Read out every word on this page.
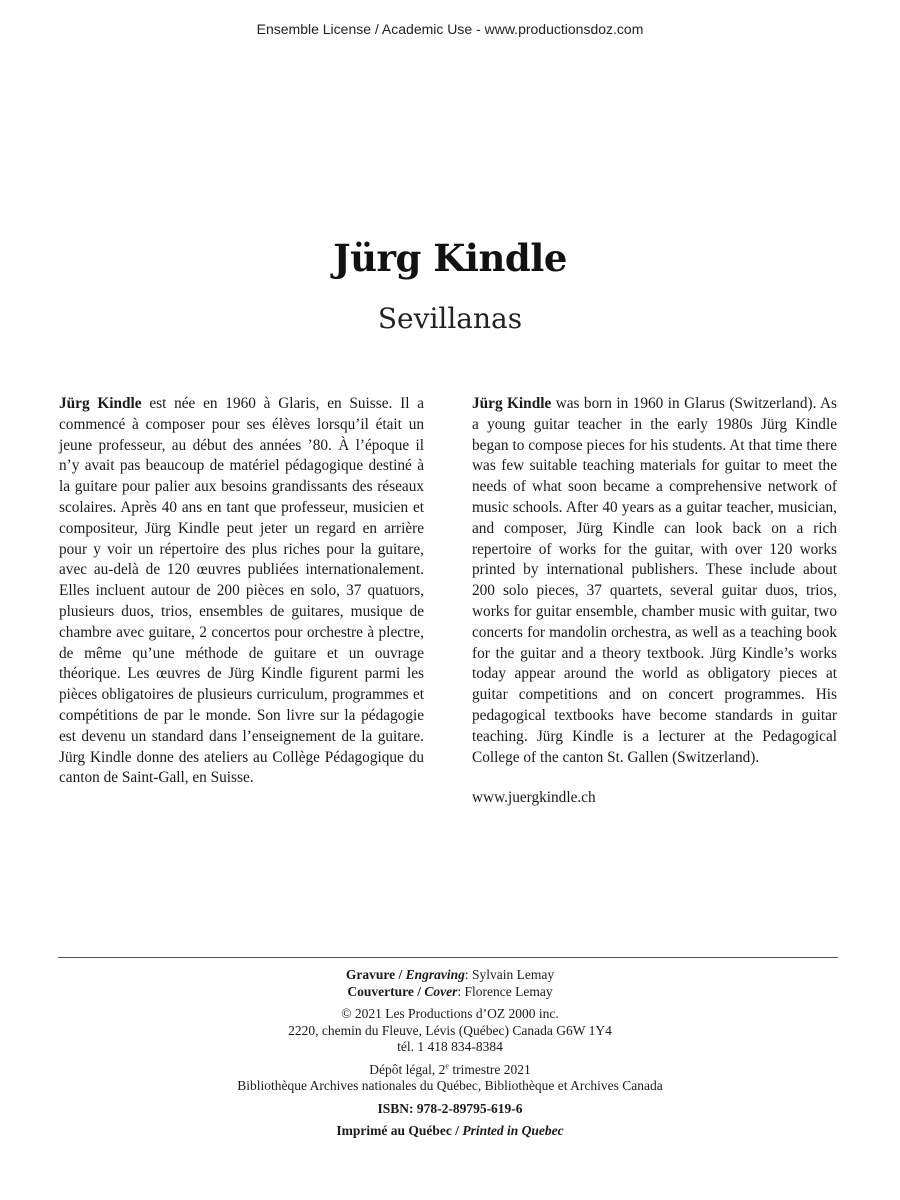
Ensemble License / Academic Use - www.productionsdoz.com
Jürg Kindle
Sevillanas

Jürg Kindle est née en 1960 à Glaris, en Suisse. Il a commencé à composer pour ses élèves lorsqu’il était un jeune professeur, au début des années ’80. À l’époque il n’y avait pas beaucoup de matériel pédagogique destiné à la guitare pour palier aux besoins grandissants des réseaux scolaires. Après 40 ans en tant que professeur, musicien et compositeur, Jürg Kindle peut jeter un regard en arrière pour y voir un répertoire des plus riches pour la guitare, avec au-delà de 120 œuvres publiées internationalement. Elles incluent autour de 200 pièces en solo, 37 quatuors, plusieurs duos, trios, ensembles de guitares, musique de chambre avec guitare, 2 concertos pour orchestre à plectre, de même qu’une méthode de guitare et un ouvrage théorique. Les œuvres de Jürg Kindle figurent parmi les pièces obligatoires de plusieurs curriculum, programmes et compétitions de par le monde. Son livre sur la pédagogie est devenu un standard dans l’enseignement de la guitare. Jürg Kindle donne des ateliers au Collège Pédagogique du canton de Saint-Gall, en Suisse.

Jürg Kindle was born in 1960 in Glarus (Switzerland). As a young guitar teacher in the early 1980s Jürg Kindle began to compose pieces for his students. At that time there was few suitable teaching materials for guitar to meet the needs of what soon became a comprehensive network of music schools. After 40 years as a guitar teacher, musician, and composer, Jürg Kindle can look back on a rich repertoire of works for the guitar, with over 120 works printed by international publishers. These include about 200 solo pieces, 37 quartets, several guitar duos, trios, works for guitar ensemble, chamber music with guitar, two concerts for mandolin orchestra, as well as a teaching book for the guitar and a theory textbook. Jürg Kindle’s works today appear around the world as obligatory pieces at guitar competitions and on concert programmes. His pedagogical textbooks have become standards in guitar teaching. Jürg Kindle is a lecturer at the Pedagogical College of the canton St. Gallen (Switzerland).

www.juergkindle.ch

Gravure / Engraving: Sylvain Lemay
Couverture / Cover: Florence Lemay
© 2021 Les Productions d’OZ 2000 inc.
2220, chemin du Fleuve, Lévis (Québec) Canada G6W 1Y4
tél. 1 418 834-8384
Dépôt légal, 2e trimestre 2021
Bibliothèque Archives nationales du Québec, Bibliothèque et Archives Canada
ISBN: 978-2-89795-619-6
Imprimé au Québec / Printed in Quebec
